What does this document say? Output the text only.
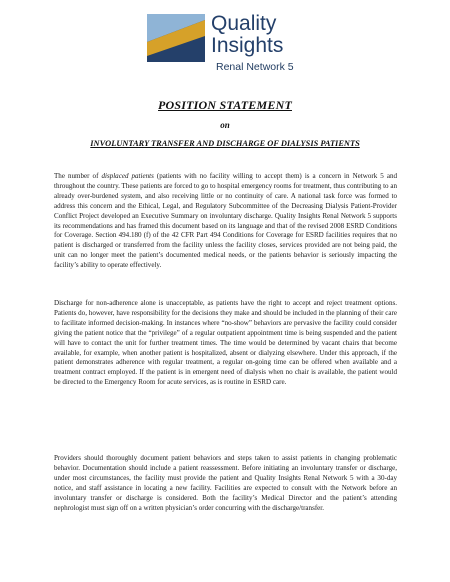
Quality
Insights
Renal Network 5
POSITION STATEMENT
on
INVOLUNTARY TRANSFER AND DISCHARGE OF DIALYSIS PATIENTS

The number of displaced patients (patients with no facility willing to accept them) is a concern in Network 5 and throughout the country. These patients are forced to go to hospital emergency rooms for treatment, thus contributing to an already over-burdened system, and also receiving little or no continuity of care. A national task force was formed to address this concern and the Ethical, Legal, and Regulatory Subcommittee of the Decreasing Dialysis Patient-Provider Conflict Project developed an Executive Summary on involuntary discharge. Quality Insights Renal Network 5 supports its recommendations and has framed this document based on its language and that of the revised 2008 ESRD Conditions for Coverage. Section 494.180 (f) of the 42 CFR Part 494 Conditions for Coverage for ESRD facilities requires that no patient is discharged or transferred from the facility unless the facility closes, services provided are not being paid, the unit can no longer meet the patient’s documented medical needs, or the patients behavior is seriously impacting the facility’s ability to operate effectively.

Discharge for non-adherence alone is unacceptable, as patients have the right to accept and reject treatment options. Patients do, however, have responsibility for the decisions they make and should be included in the planning of their care to facilitate informed decision-making. In instances where “no-show” behaviors are pervasive the facility could consider giving the patient notice that the “privilege” of a regular outpatient appointment time is being suspended and the patient will have to contact the unit for further treatment times. The time would be determined by vacant chairs that become available, for example, when another patient is hospitalized, absent or dialyzing elsewhere. Under this approach, if the patient demonstrates adherence with regular treatment, a regular on-going time can be offered when available and a treatment contract employed. If the patient is in emergent need of dialysis when no chair is available, the patient would be directed to the Emergency Room for acute services, as is routine in ESRD care.

Providers should thoroughly document patient behaviors and steps taken to assist patients in changing problematic behavior. Documentation should include a patient reassessment. Before initiating an involuntary transfer or discharge, under most circumstances, the facility must provide the patient and Quality Insights Renal Network 5 with a 30-day notice, and staff assistance in locating a new facility. Facilities are expected to consult with the Network before an involuntary transfer or discharge is considered. Both the facility’s Medical Director and the patient’s attending nephrologist must sign off on a written physician’s order concurring with the discharge/transfer.
